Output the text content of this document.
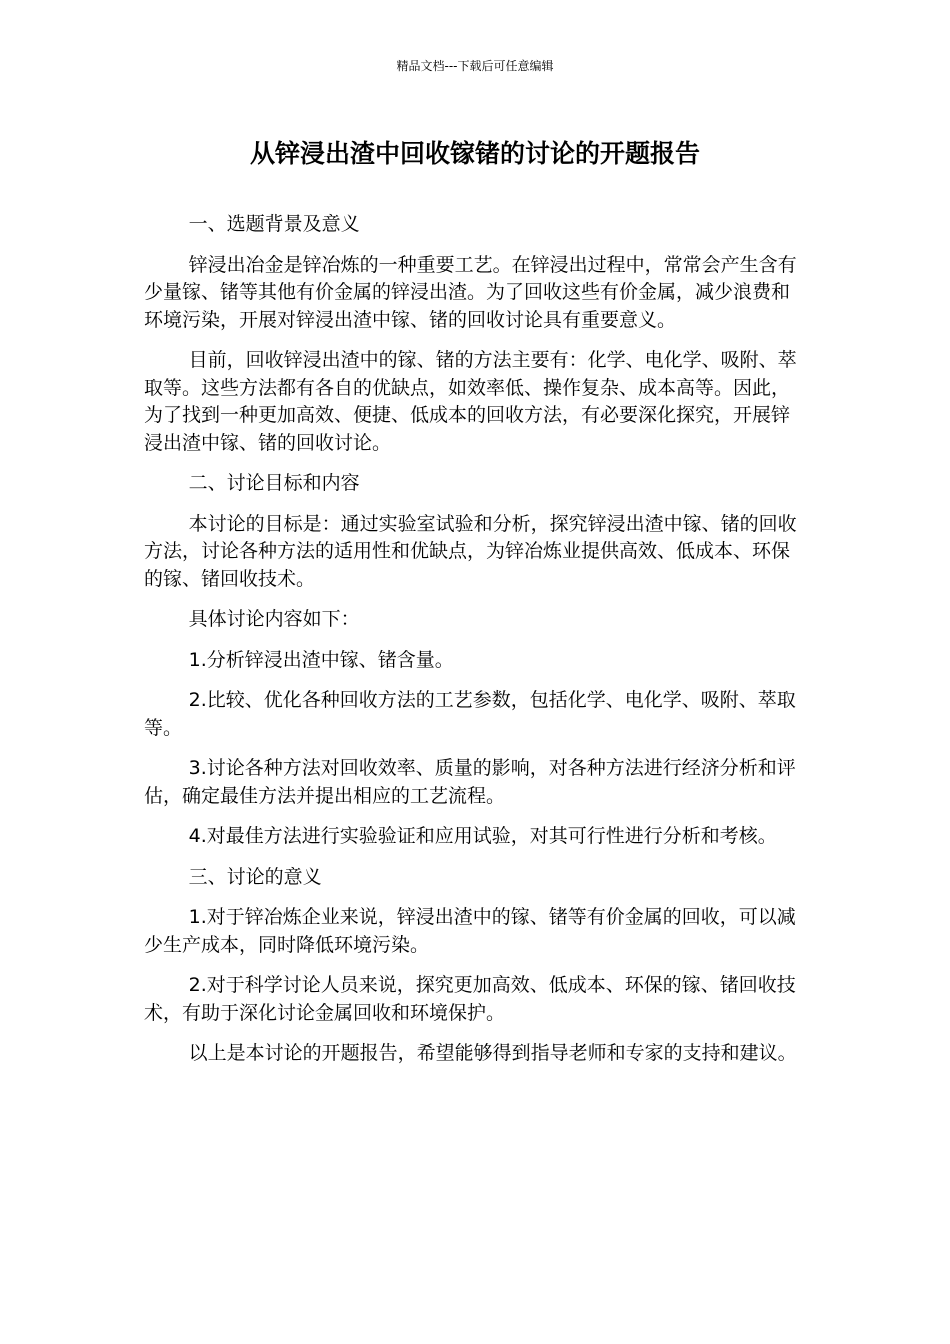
精品文档---下载后可任意编辑
从锌浸出渣中回收镓锗的讨论的开题报告

一、选题背景及意义

锌浸出冶金是锌冶炼的一种重要工艺。在锌浸出过程中，常常会产生含有少量镓、锗等其他有价金属的锌浸出渣。为了回收这些有价金属，减少浪费和环境污染，开展对锌浸出渣中镓、锗的回收讨论具有重要意义。

目前，回收锌浸出渣中的镓、锗的方法主要有：化学、电化学、吸附、萃取等。这些方法都有各自的优缺点，如效率低、操作复杂、成本高等。因此，为了找到一种更加高效、便捷、低成本的回收方法，有必要深化探究，开展锌浸出渣中镓、锗的回收讨论。

二、讨论目标和内容

本讨论的目标是：通过实验室试验和分析，探究锌浸出渣中镓、锗的回收方法，讨论各种方法的适用性和优缺点，为锌冶炼业提供高效、低成本、环保的镓、锗回收技术。

具体讨论内容如下：

1.分析锌浸出渣中镓、锗含量。

2.比较、优化各种回收方法的工艺参数，包括化学、电化学、吸附、萃取等。

3.讨论各种方法对回收效率、质量的影响，对各种方法进行经济分析和评估，确定最佳方法并提出相应的工艺流程。

4.对最佳方法进行实验验证和应用试验，对其可行性进行分析和考核。

三、讨论的意义

1.对于锌冶炼企业来说，锌浸出渣中的镓、锗等有价金属的回收，可以减少生产成本，同时降低环境污染。

2.对于科学讨论人员来说，探究更加高效、低成本、环保的镓、锗回收技术，有助于深化讨论金属回收和环境保护。

以上是本讨论的开题报告，希望能够得到指导老师和专家的支持和建议。
